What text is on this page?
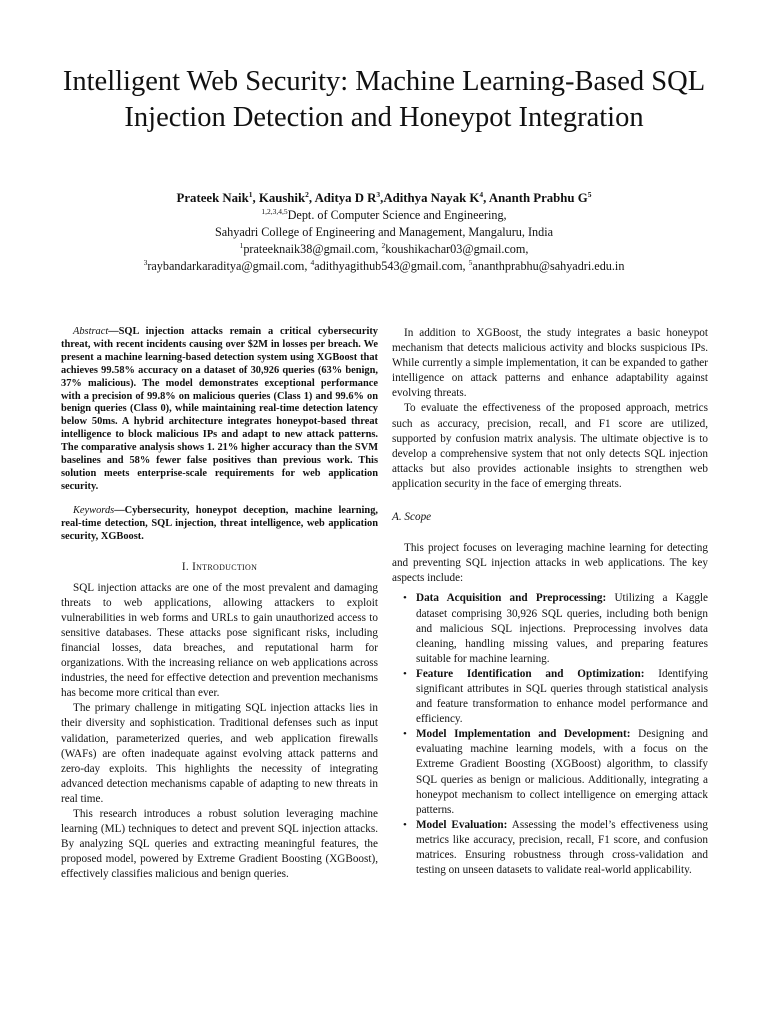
Intelligent Web Security: Machine Learning-Based SQL Injection Detection and Honeypot Integration
Prateek Naik$^1$, Kaushik$^2$, Aditya D $R^3,Adithya$ Nayak $K^4$, Ananth Prabhu $G^5$
$^{1,2,3,4,5}$Dept. of Computer Science and Engineering,
Sahyadri College of Engineering and Management, Mangaluru, India
$^1$prateeknaik38@gmail.com, $^2$koushikachar03@gmail.com,
$^3$raybandarkaraditya@gmail.com, $^4$adithyagithub543@gmail.com, $^5$ananthprabhu@sahyadri.edu.in

Abstract—SQL injection attacks remain a critical cybersecurity threat, with recent incidents causing over $2M in losses per breach. We present a machine learning-based detection system using XGBoost that achieves 99.58% accuracy on a dataset of 30,926 queries (63% benign, 37% malicious). The model demonstrates exceptional performance with a precision of 99.8% on malicious queries (Class 1) and 99.6% on benign queries (Class 0), while maintaining real-time detection latency below 50ms. A hybrid architecture integrates honeypot-based threat intelligence to block malicious IPs and adapt to new attack patterns. The comparative analysis shows 1. 21% higher accuracy than the SVM baselines and 58% fewer false positives than previous work. This solution meets enterprise-scale requirements for web application security.

Keywords—Cybersecurity, honeypot deception, machine learning, real-time detection, SQL injection, threat intelligence, web application security, XGBoost.

I. Introduction

SQL injection attacks are one of the most prevalent and damaging threats to web applications, allowing attackers to exploit vulnerabilities in web forms and URLs to gain unauthorized access to sensitive databases. These attacks pose significant risks, including financial losses, data breaches, and reputational harm for organizations. With the increasing reliance on web applications across industries, the need for effective detection and prevention mechanisms has become more critical than ever.

The primary challenge in mitigating SQL injection attacks lies in their diversity and sophistication. Traditional defenses such as input validation, parameterized queries, and web application firewalls (WAFs) are often inadequate against evolving attack patterns and zero-day exploits. This highlights the necessity of integrating advanced detection mechanisms capable of adapting to new threats in real time.

This research introduces a robust solution leveraging machine learning (ML) techniques to detect and prevent SQL injection attacks. By analyzing SQL queries and extracting meaningful features, the proposed model, powered by Extreme Gradient Boosting (XGBoost), effectively classifies malicious and benign queries.

In addition to XGBoost, the study integrates a basic honeypot mechanism that detects malicious activity and blocks suspicious IPs. While currently a simple implementation, it can be expanded to gather intelligence on attack patterns and enhance adaptability against evolving threats.

To evaluate the effectiveness of the proposed approach, metrics such as accuracy, precision, recall, and F1 score are utilized, supported by confusion matrix analysis. The ultimate objective is to develop a comprehensive system that not only detects SQL injection attacks but also provides actionable insights to strengthen web application security in the face of emerging threats.

A. Scope

This project focuses on leveraging machine learning for detecting and preventing SQL injection attacks in web applications. The key aspects include:

• Data Acquisition and Preprocessing: Utilizing a Kaggle dataset comprising 30,926 SQL queries, including both benign and malicious SQL injections. Preprocessing involves data cleaning, handling missing values, and preparing features suitable for machine learning.
• Feature Identification and Optimization: Identifying significant attributes in SQL queries through statistical analysis and feature transformation to enhance model performance and efficiency.
• Model Implementation and Development: Designing and evaluating machine learning models, with a focus on the Extreme Gradient Boosting (XGBoost) algorithm, to classify SQL queries as benign or malicious. Additionally, integrating a honeypot mechanism to collect intelligence on emerging attack patterns.
• Model Evaluation: Assessing the model’s effectiveness using metrics like accuracy, precision, recall, F1 score, and confusion matrices. Ensuring robustness through cross-validation and testing on unseen datasets to validate real-world applicability.
